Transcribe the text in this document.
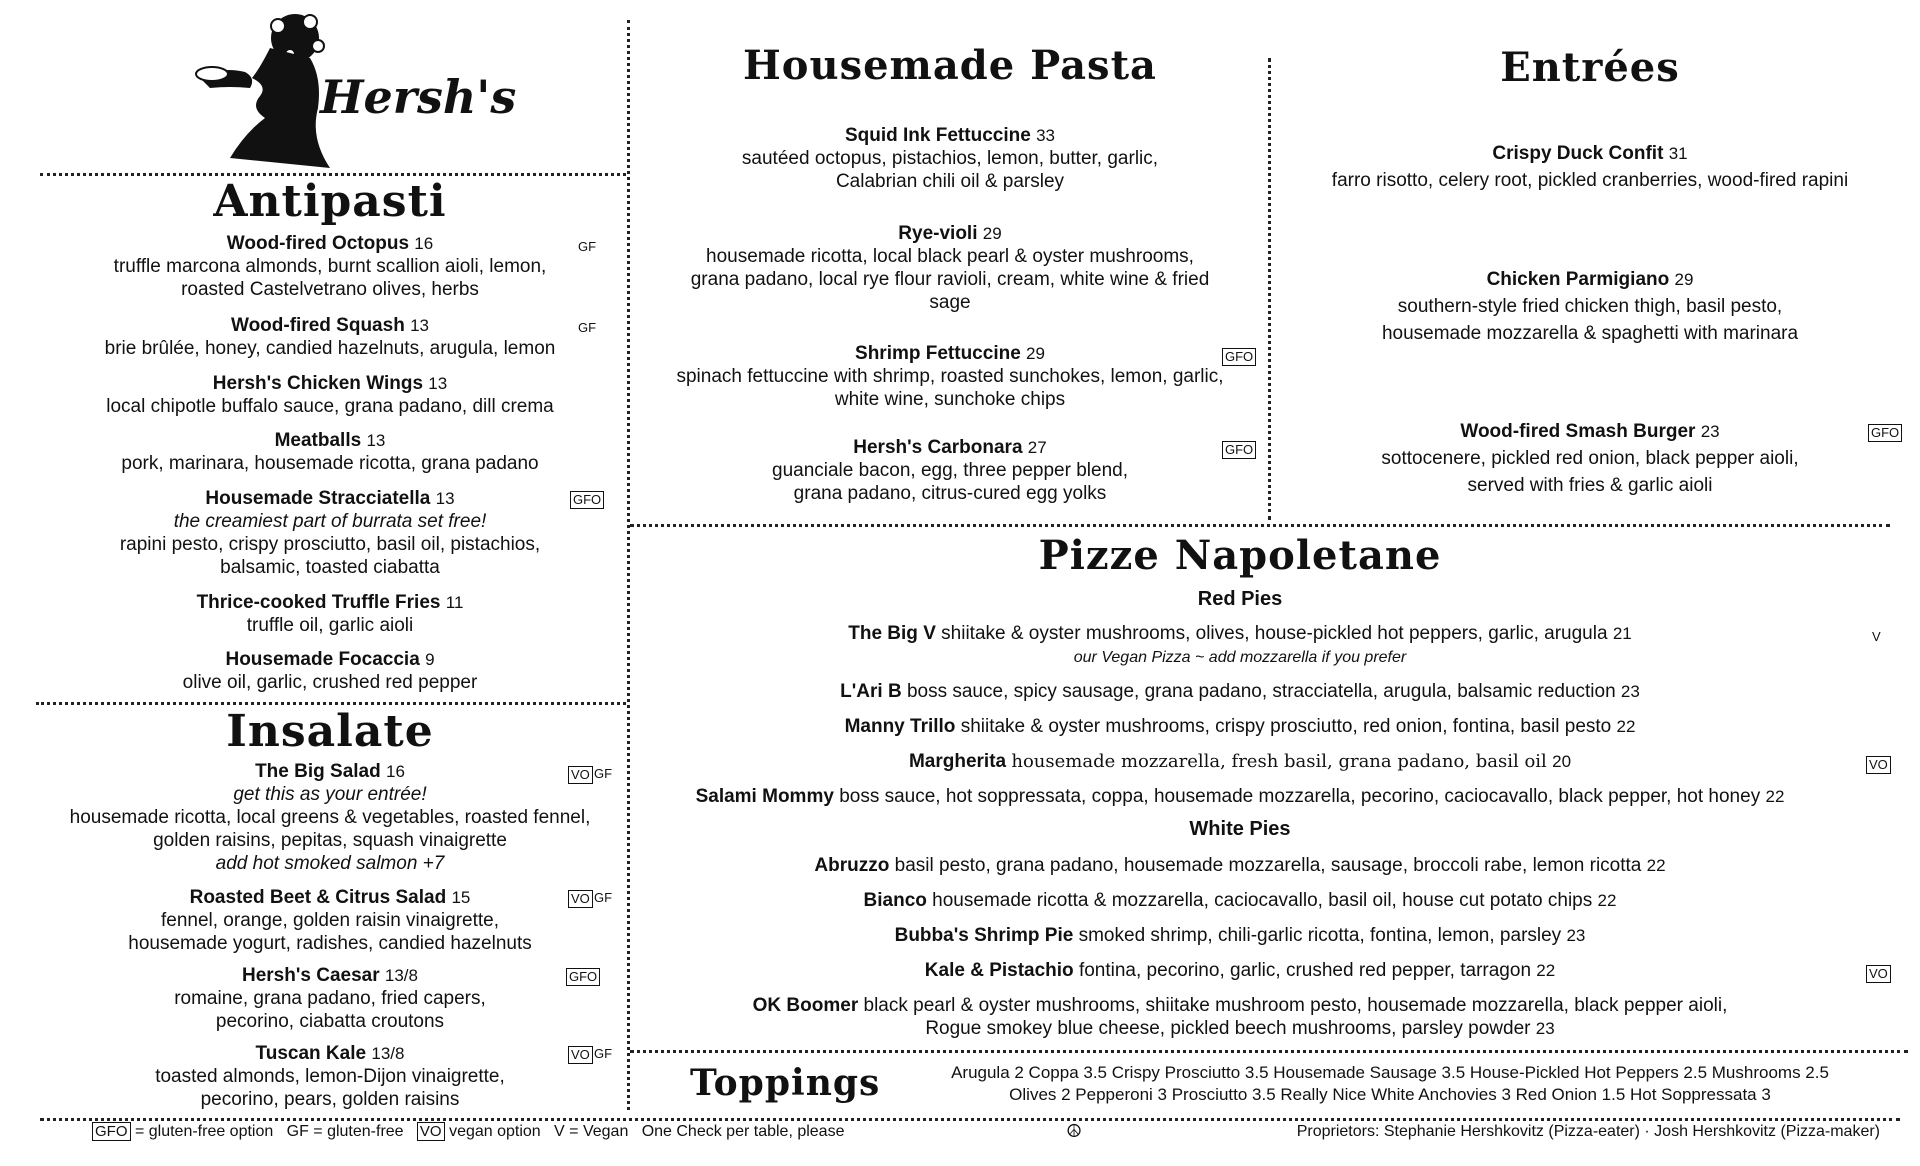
Hersh's
Antipasti
Wood-fired Octopus 16
truffle marcona almonds, burnt scallion aioli, lemon, roasted Castelvetrano olives, herbs
GF
Wood-fired Squash 13
brie brûlée, honey, candied hazelnuts, arugula, lemon
GF
Hersh's Chicken Wings 13
local chipotle buffalo sauce, grana padano, dill crema
Meatballs 13
pork, marinara, housemade ricotta, grana padano
Housemade Stracciatella 13
the creamiest part of burrata set free!
rapini pesto, crispy prosciutto, basil oil, pistachios, balsamic, toasted ciabatta
GFO
Thrice-cooked Truffle Fries 11
truffle oil, garlic aioli
Housemade Focaccia 9
olive oil, garlic, crushed red pepper
Insalate
The Big Salad 16
get this as your entrée!
housemade ricotta, local greens & vegetables, roasted fennel, golden raisins, pepitas, squash vinaigrette
add hot smoked salmon +7
VO GF
Roasted Beet & Citrus Salad 15
fennel, orange, golden raisin vinaigrette, housemade yogurt, radishes, candied hazelnuts
VO GF
Hersh's Caesar 13/8
romaine, grana padano, fried capers, pecorino, ciabatta croutons
GFO
Tuscan Kale 13/8
toasted almonds, lemon-Dijon vinaigrette, pecorino, pears, golden raisins
VO GF
Housemade Pasta
Squid Ink Fettuccine 33
sautéed octopus, pistachios, lemon, butter, garlic, Calabrian chili oil & parsley
Rye-violi 29
housemade ricotta, local black pearl & oyster mushrooms, grana padano, local rye flour ravioli, cream, white wine & fried sage
Shrimp Fettuccine 29
spinach fettuccine with shrimp, roasted sunchokes, lemon, garlic, white wine, sunchoke chips
GFO
Hersh's Carbonara 27
guanciale bacon, egg, three pepper blend, grana padano, citrus-cured egg yolks
GFO
Entrées
Crispy Duck Confit 31
farro risotto, celery root, pickled cranberries, wood-fired rapini
Chicken Parmigiano 29
southern-style fried chicken thigh, basil pesto, housemade mozzarella & spaghetti with marinara
Wood-fired Smash Burger 23
sottocenere, pickled red onion, black pepper aioli, served with fries & garlic aioli
GFO
Pizze Napoletane
Red Pies
The Big V shiitake & oyster mushrooms, olives, house-pickled hot peppers, garlic, arugula 21
our Vegan Pizza ~ add mozzarella if you prefer
V
L'Ari B boss sauce, spicy sausage, grana padano, stracciatella, arugula, balsamic reduction 23
Manny Trillo shiitake & oyster mushrooms, crispy prosciutto, red onion, fontina, basil pesto 22
Margherita housemade mozzarella, fresh basil, grana padano, basil oil 20	VO
Salami Mommy boss sauce, hot soppressata, coppa, housemade mozzarella, pecorino, caciocavallo, black pepper, hot honey 22
White Pies
Abruzzo basil pesto, grana padano, housemade mozzarella, sausage, broccoli rabe, lemon ricotta 22
Bianco housemade ricotta & mozzarella, caciocavallo, basil oil, house cut potato chips 22
Bubba's Shrimp Pie smoked shrimp, chili-garlic ricotta, fontina, lemon, parsley 23
Kale & Pistachio fontina, pecorino, garlic, crushed red pepper, tarragon 22	VO
OK Boomer black pearl & oyster mushrooms, shiitake mushroom pesto, housemade mozzarella, black pepper aioli,
Rogue smokey blue cheese, pickled beech mushrooms, parsley powder 23
Toppings	Arugula 2 Coppa 3.5 Crispy Prosciutto 3.5 Housemade Sausage 3.5 House-Pickled Hot Peppers 2.5 Mushrooms 2.5
Olives 2 Pepperoni 3 Prosciutto 3.5 Really Nice White Anchovies 3 Red Onion 1.5 Hot Soppressata 3
GFO = gluten-free option GF = gluten-free VO vegan option V = Vegan One Check per table, please	☮	Proprietors: Stephanie Hershkovitz (Pizza-eater) · Josh Hershkovitz (Pizza-maker)
